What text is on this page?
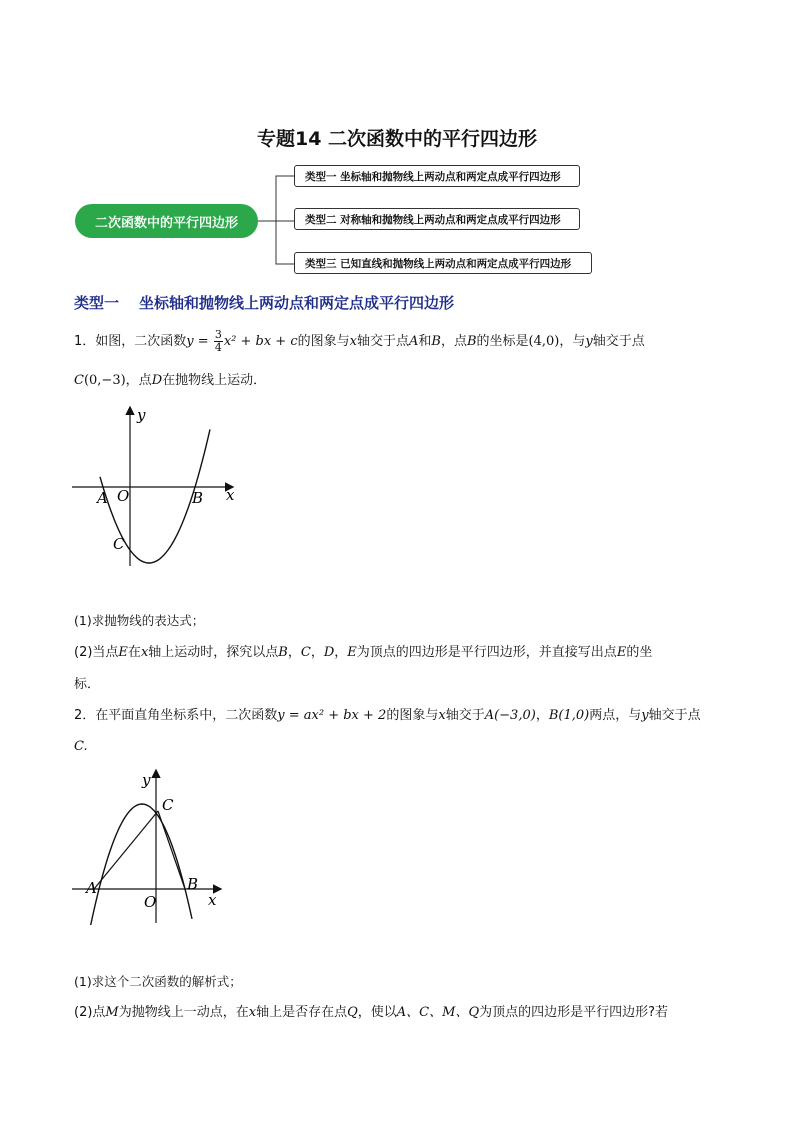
专题14 二次函数中的平行四边形
二次函数中的平行四边形
类型一 坐标轴和抛物线上两动点和两定点成平行四边形
类型二 对称轴和抛物线上两动点和两定点成平行四边形
类型三 已知直线和抛物线上两动点和两定点成平行四边形
类型一 坐标轴和抛物线上两动点和两定点成平行四边形
1．如图，二次函数$y = \frac{3}{4} x^2$ + bx + c的图象与x轴交于点A和B，点B的坐标是(4,0)，与y轴交于点
C(0,−3)，点D在抛物线上运动．
y
x
A O	B
C
(1)求抛物线的表达式；
(2)当点E在x轴上运动时，探究以点B，C，D，E为顶点的四边形是平行四边形，并直接写出点E的坐
标．
2．在平面直角坐标系中，二次函数y = ax² + bx + 2的图象与x轴交于A(−3,0)，B(1,0)两点，与y轴交于点
C.
y
x
A
O
B
C
(1)求这个二次函数的解析式；
(2)点M为抛物线上一动点，在x轴上是否存在点Q，使以A、C、M、Q为顶点的四边形是平行四边形?若
